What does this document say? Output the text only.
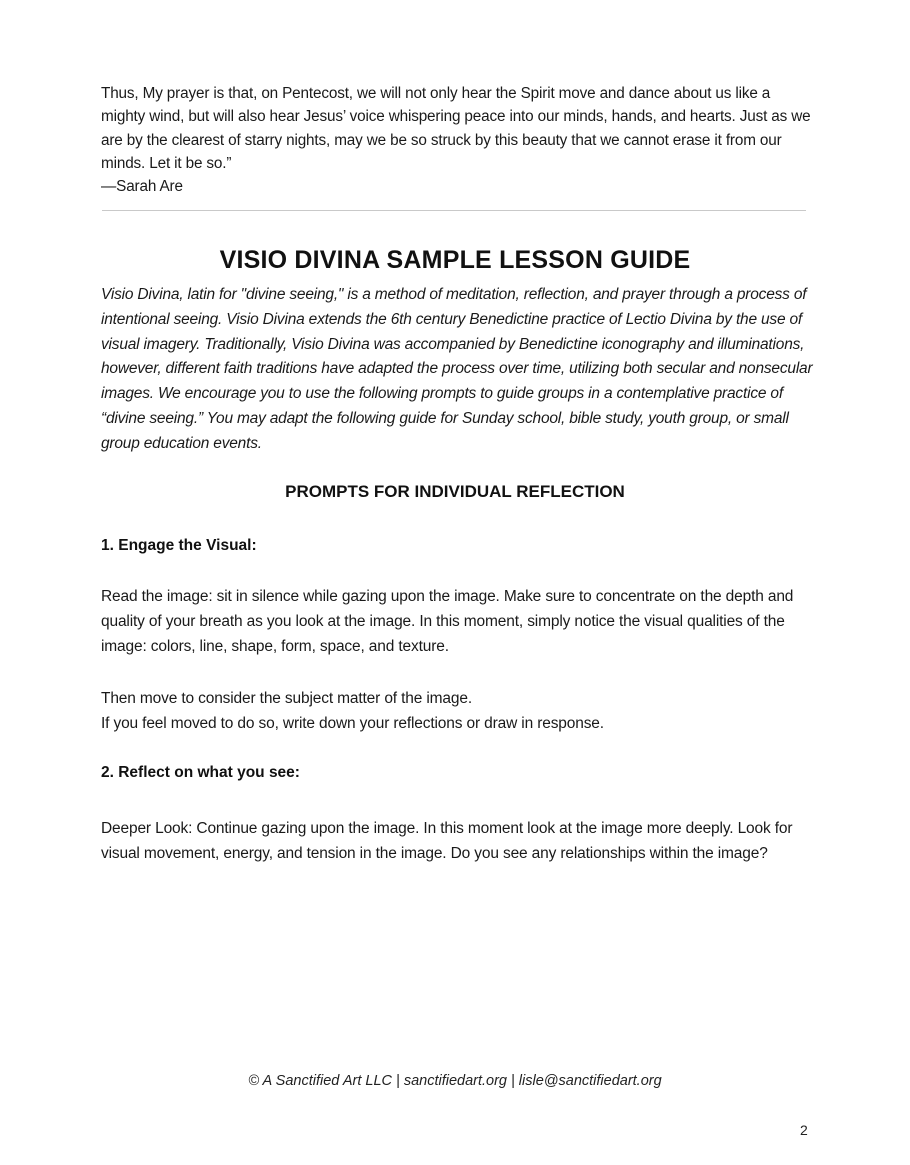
Thus, My prayer is that, on Pentecost, we will not only hear the Spirit move and dance about us like a mighty wind, but will also hear Jesus’ voice whispering peace into our minds, hands, and hearts. Just as we are by the clearest of starry nights, may we be so struck by this beauty that we cannot erase it from our minds. Let it be so.”

—Sarah Are

VISIO DIVINA SAMPLE LESSON GUIDE

Visio Divina, latin for "divine seeing," is a method of meditation, reflection, and prayer through a process of intentional seeing. Visio Divina extends the 6th century Benedictine practice of Lectio Divina by the use of visual imagery. Traditionally, Visio Divina was accompanied by Benedictine iconography and illuminations, however, different faith traditions have adapted the process over time, utilizing both secular and nonsecular images. We encourage you to use the following prompts to guide groups in a contemplative practice of “divine seeing.” You may adapt the following guide for Sunday school, bible study, youth group, or small group education events.

PROMPTS FOR INDIVIDUAL REFLECTION
1. Engage the Visual:

Read the image: sit in silence while gazing upon the image. Make sure to concentrate on the depth and quality of your breath as you look at the image. In this moment, simply notice the visual qualities of the image: colors, line, shape, form, space, and texture.

Then move to consider the subject matter of the image.
If you feel moved to do so, write down your reflections or draw in response.

2. Reflect on what you see:

Deeper Look: Continue gazing upon the image. In this moment look at the image more deeply. Look for visual movement, energy, and tension in the image. Do you see any relationships within the image?

© A Sanctified Art LLC | sanctifiedart.org | lisle@sanctifiedart.org
2
